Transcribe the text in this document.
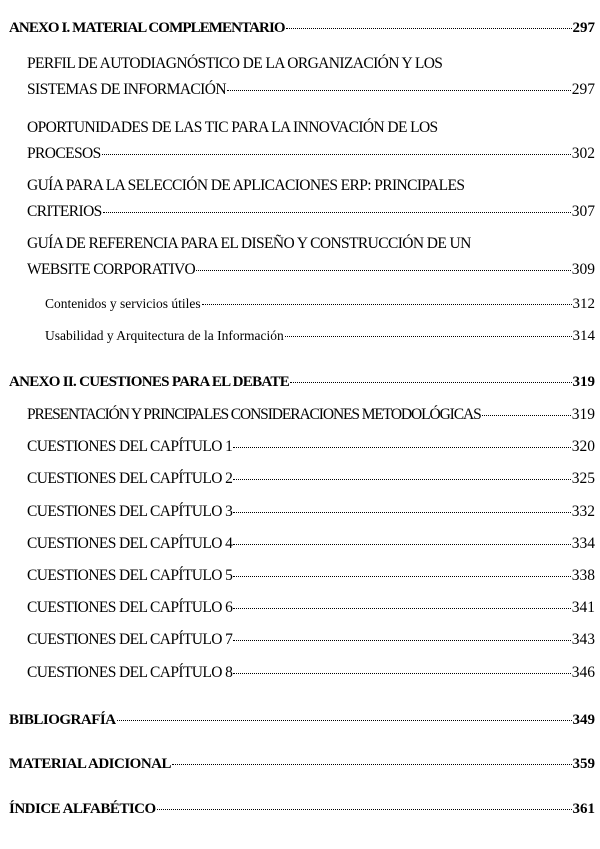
ANEXO I. MATERIAL COMPLEMENTARIO	297
PERFIL DE AUTODIAGNÓSTICO DE LA ORGANIZACIÓN Y LOS
SISTEMAS DE INFORMACIÓN	297
OPORTUNIDADES DE LAS TIC PARA LA INNOVACIÓN DE LOS
PROCESOS	302
GUÍA PARA LA SELECCIÓN DE APLICACIONES ERP: PRINCIPALES
CRITERIOS	307
GUÍA DE REFERENCIA PARA EL DISEÑO Y CONSTRUCCIÓN DE UN
WEBSITE CORPORATIVO	309
Contenidos y servicios útiles	312
Usabilidad y Arquitectura de la Información	314
ANEXO II. CUESTIONES PARA EL DEBATE	319
PRESENTACIÓN Y PRINCIPALES CONSIDERACIONES METODOLÓGICAS	319
CUESTIONES DEL CAPÍTULO 1	320
CUESTIONES DEL CAPÍTULO 2	325
CUESTIONES DEL CAPÍTULO 3	332
CUESTIONES DEL CAPÍTULO 4	334
CUESTIONES DEL CAPÍTULO 5	338
CUESTIONES DEL CAPÍTULO 6	341
CUESTIONES DEL CAPÍTULO 7	343
CUESTIONES DEL CAPÍTULO 8	346
BIBLIOGRAFÍA	349
MATERIAL ADICIONAL	359
ÍNDICE ALFABÉTICO	361
